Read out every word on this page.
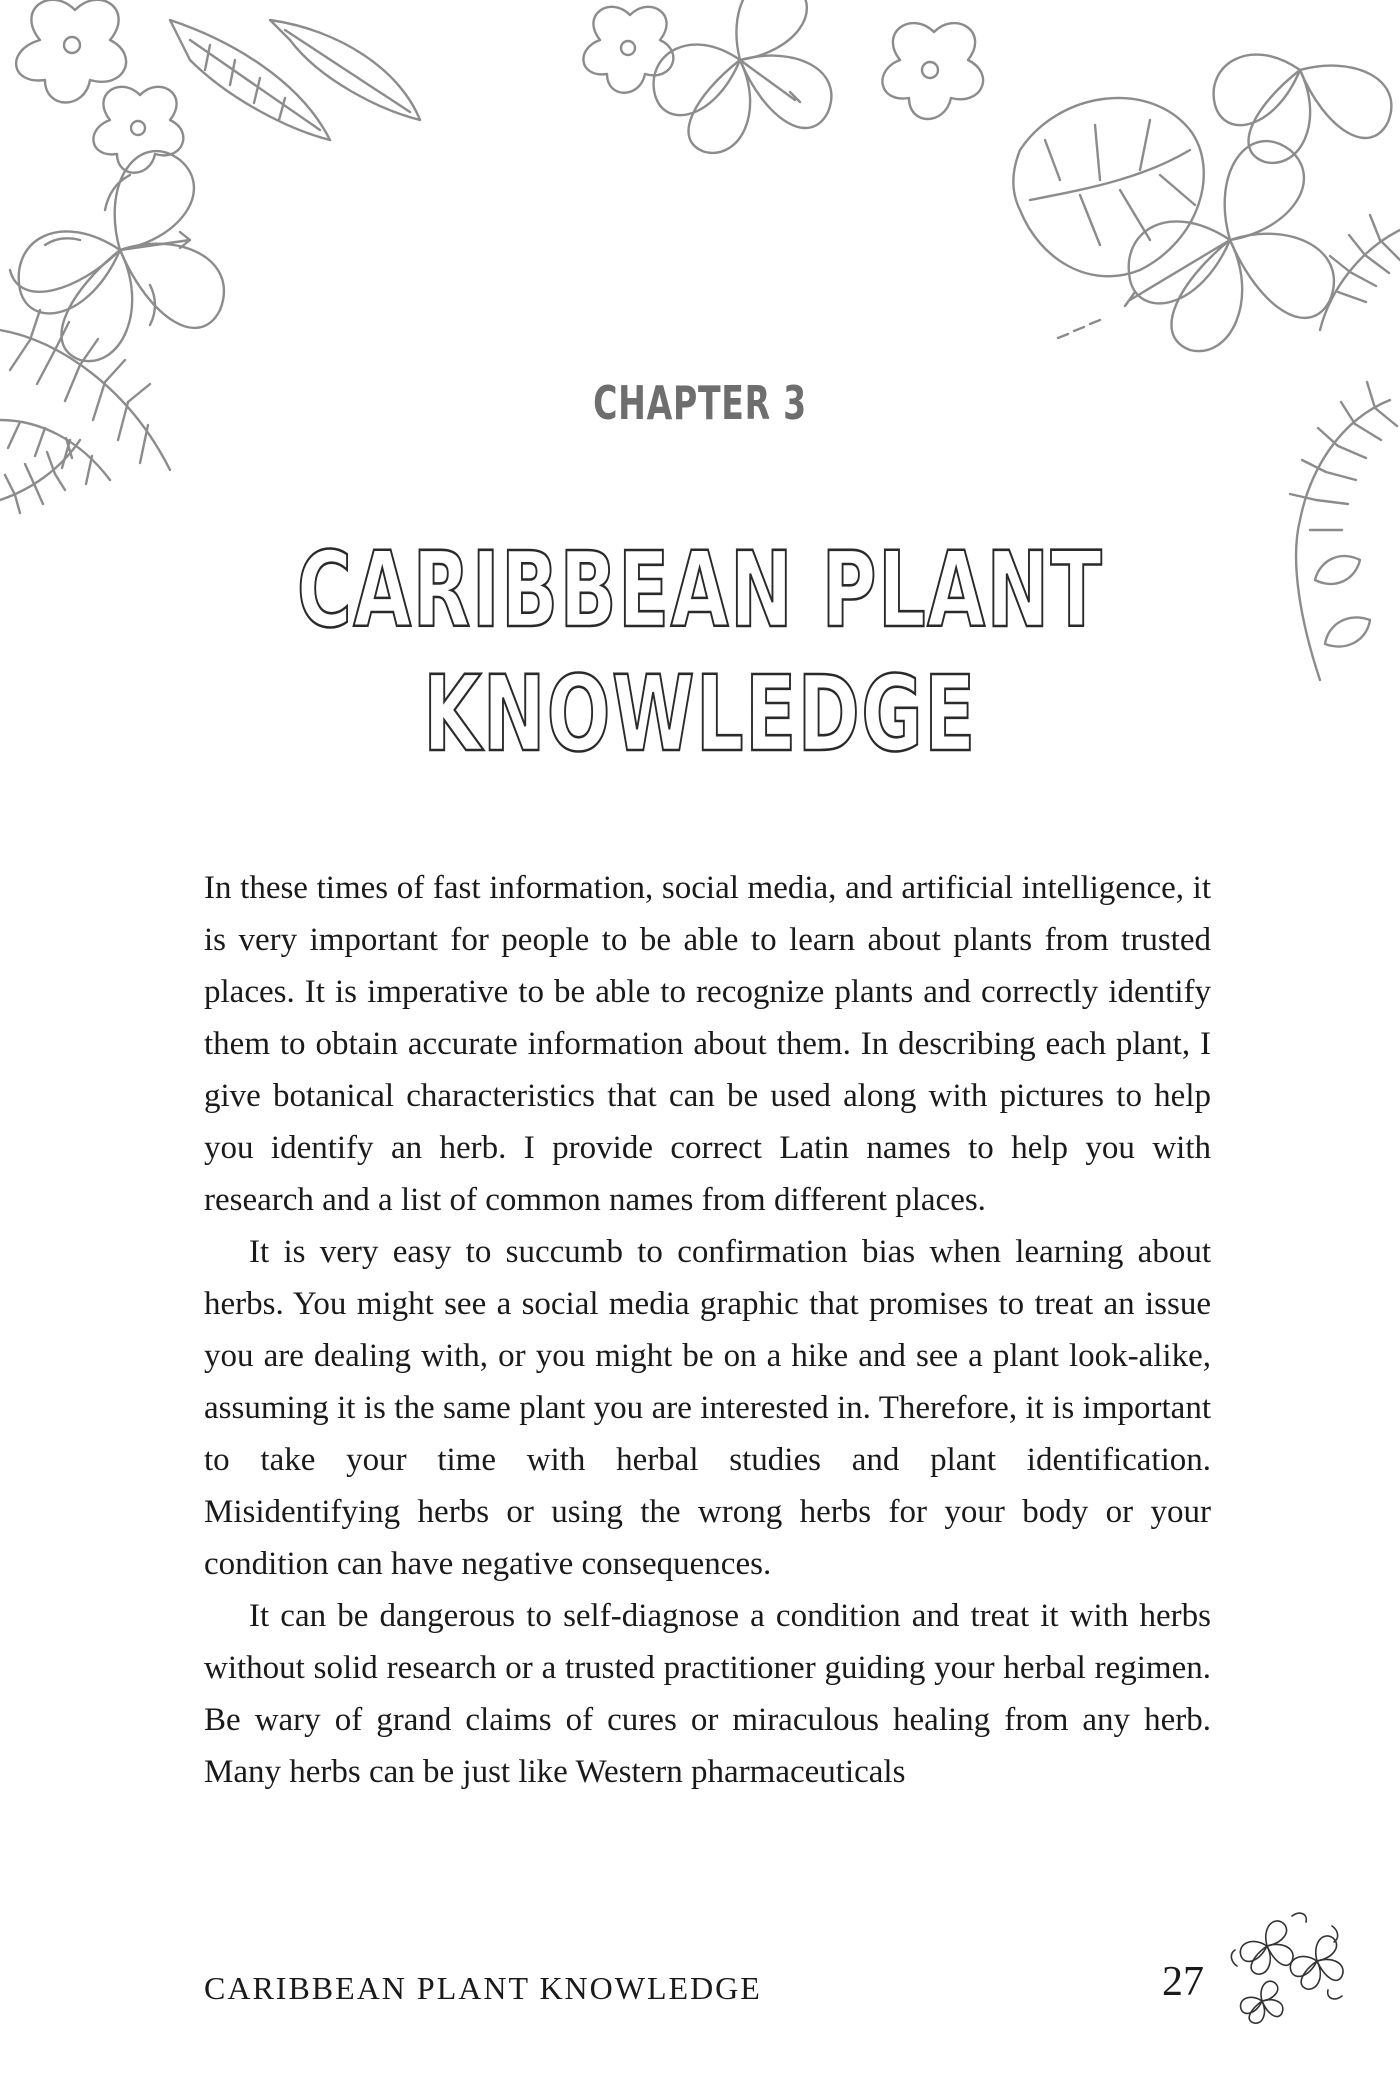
CHAPTER 3
CARIBBEAN PLANT
KNOWLEDGE

In these times of fast information, social media, and artificial intelligence, it is very important for people to be able to learn about plants from trusted places. It is imperative to be able to recognize plants and correctly identify them to obtain accurate information about them. In describing each plant, I give botanical characteristics that can be used along with pictures to help you identify an herb. I provide correct Latin names to help you with research and a list of common names from different places.

It is very easy to succumb to confirmation bias when learning about herbs. You might see a social media graphic that promises to treat an issue you are dealing with, or you might be on a hike and see a plant look-alike, assuming it is the same plant you are interested in. Therefore, it is important to take your time with herbal studies and plant identification. Misidentifying herbs or using the wrong herbs for your body or your condition can have negative consequences.

It can be dangerous to self-diagnose a condition and treat it with herbs without solid research or a trusted practitioner guiding your herbal regimen. Be wary of grand claims of cures or miraculous healing from any herb. Many herbs can be just like Western pharmaceuticals

CARIBBEAN PLANT KNOWLEDGE	27
